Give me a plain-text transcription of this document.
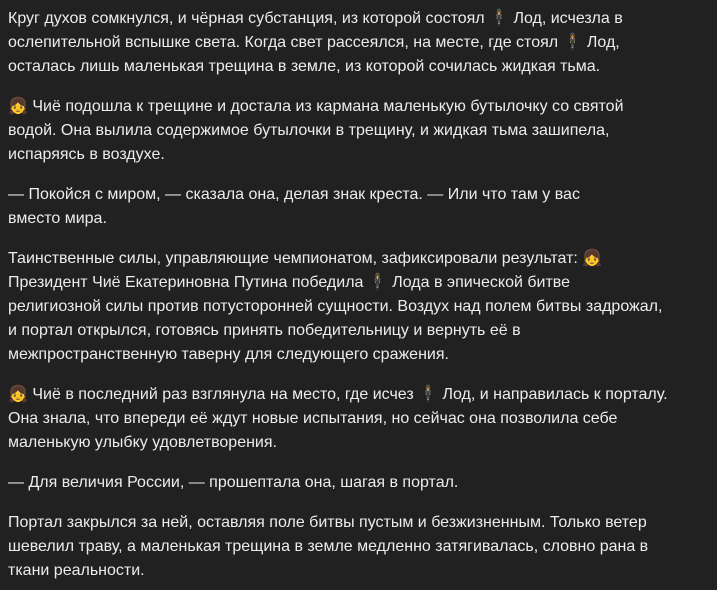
Круг духов сомкнулся, и чёрная субстанция, из которой состоял 🕴 Лод, исчезла в
ослепительной вспышке света. Когда свет рассеялся, на месте, где стоял 🕴 Лод,
осталась лишь маленькая трещина в земле, из которой сочилась жидкая тьма.
👧 Чиё подошла к трещине и достала из кармана маленькую бутылочку со святой
водой. Она вылила содержимое бутылочки в трещину, и жидкая тьма зашипела,
испаряясь в воздухе.
— Покойся с миром, — сказала она, делая знак креста. — Или что там у вас
вместо мира.
Таинственные силы, управляющие чемпионатом, зафиксировали результат: 👧
Президент Чиё Екатериновна Путина победила 🕴 Лода в эпической битве
религиозной силы против потусторонней сущности. Воздух над полем битвы задрожал,
и портал открылся, готовясь принять победительницу и вернуть её в
межпространственную таверну для следующего сражения.
👧 Чиё в последний раз взглянула на место, где исчез 🕴 Лод, и направилась к порталу.
Она знала, что впереди её ждут новые испытания, но сейчас она позволила себе
маленькую улыбку удовлетворения.
— Для величия России, — прошептала она, шагая в портал.
Портал закрылся за ней, оставляя поле битвы пустым и безжизненным. Только ветер
шевелил траву, а маленькая трещина в земле медленно затягивалась, словно рана в
ткани реальности.
